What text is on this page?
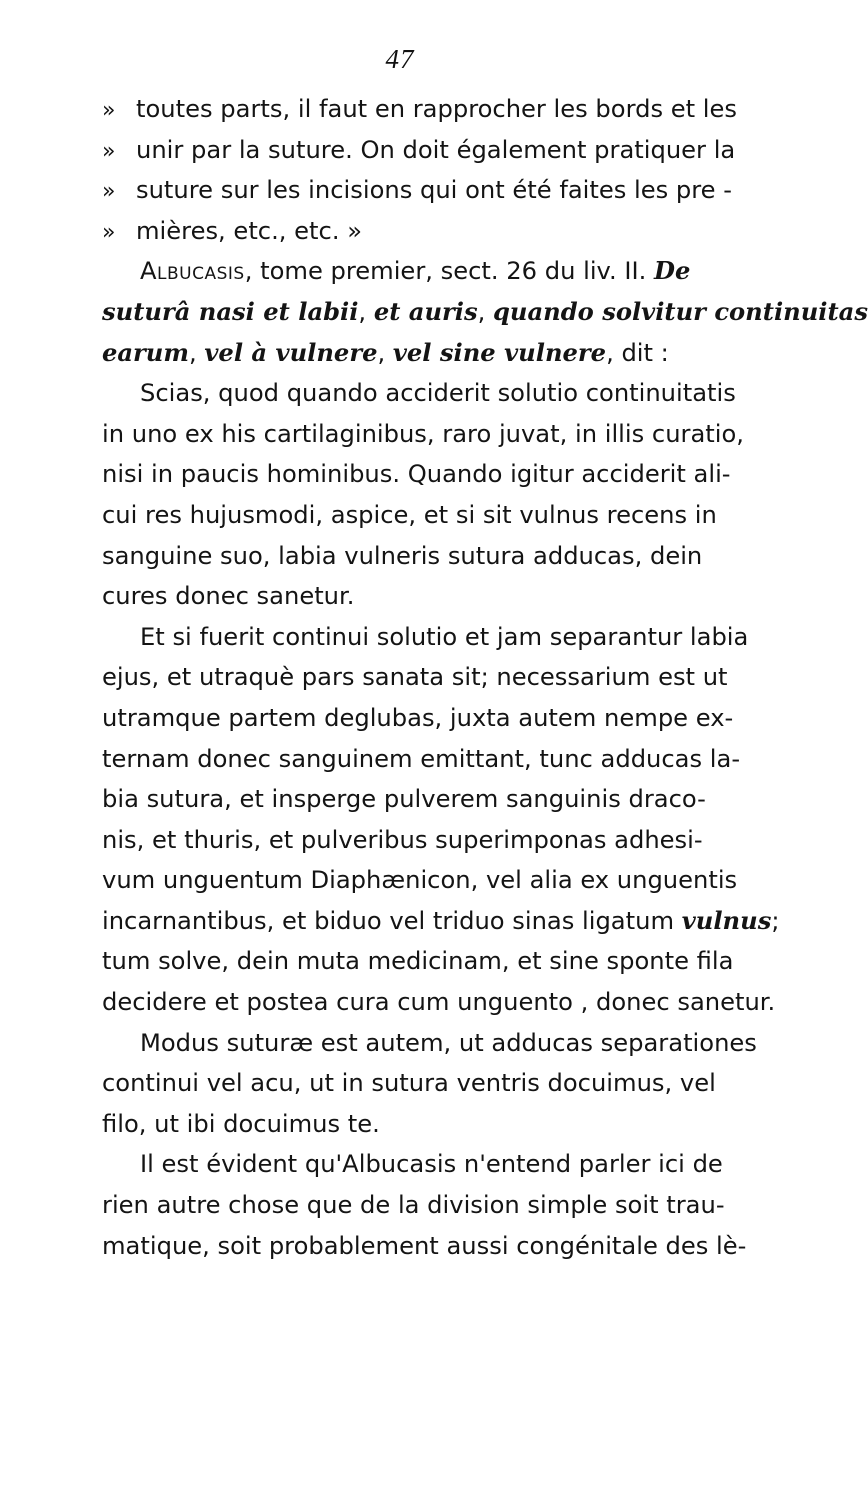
47
» toutes parts, il faut en rapprocher les bords et les
» unir par la suture. On doit également pratiquer la
» suture sur les incisions qui ont été faites les pre -
» mières, etc., etc. »
Albucasis, tome premier, sect. 26 du liv. II. De
suturâ nasi et labii, et auris, quando solvitur continuitas
earum, vel à vulnere, vel sine vulnere, dit :
Scias, quod quando acciderit solutio continuitatis
in uno ex his cartilaginibus, raro juvat, in illis curatio,
nisi in paucis hominibus. Quando igitur acciderit ali-
cui res hujusmodi, aspice, et si sit vulnus recens in
sanguine suo, labia vulneris sutura adducas, dein
cures donec sanetur.
Et si fuerit continui solutio et jam separantur labia
ejus, et utraquè pars sanata sit; necessarium est ut
utramque partem deglubas, juxta autem nempe ex-
ternam donec sanguinem emittant, tunc adducas la-
bia sutura, et insperge pulverem sanguinis draco-
nis, et thuris, et pulveribus superimponas adhesi-
vum unguentum Diaphænicon, vel alia ex unguentis
incarnantibus, et biduo vel triduo sinas ligatum vulnus;
tum solve, dein muta medicinam, et sine sponte fila
decidere et postea cura cum unguento , donec sanetur.
Modus suturæ est autem, ut adducas separationes
continui vel acu, ut in sutura ventris docuimus, vel
filo, ut ibi docuimus te.
Il est évident qu'Albucasis n'entend parler ici de
rien autre chose que de la division simple soit trau-
matique, soit probablement aussi congénitale des lè-
